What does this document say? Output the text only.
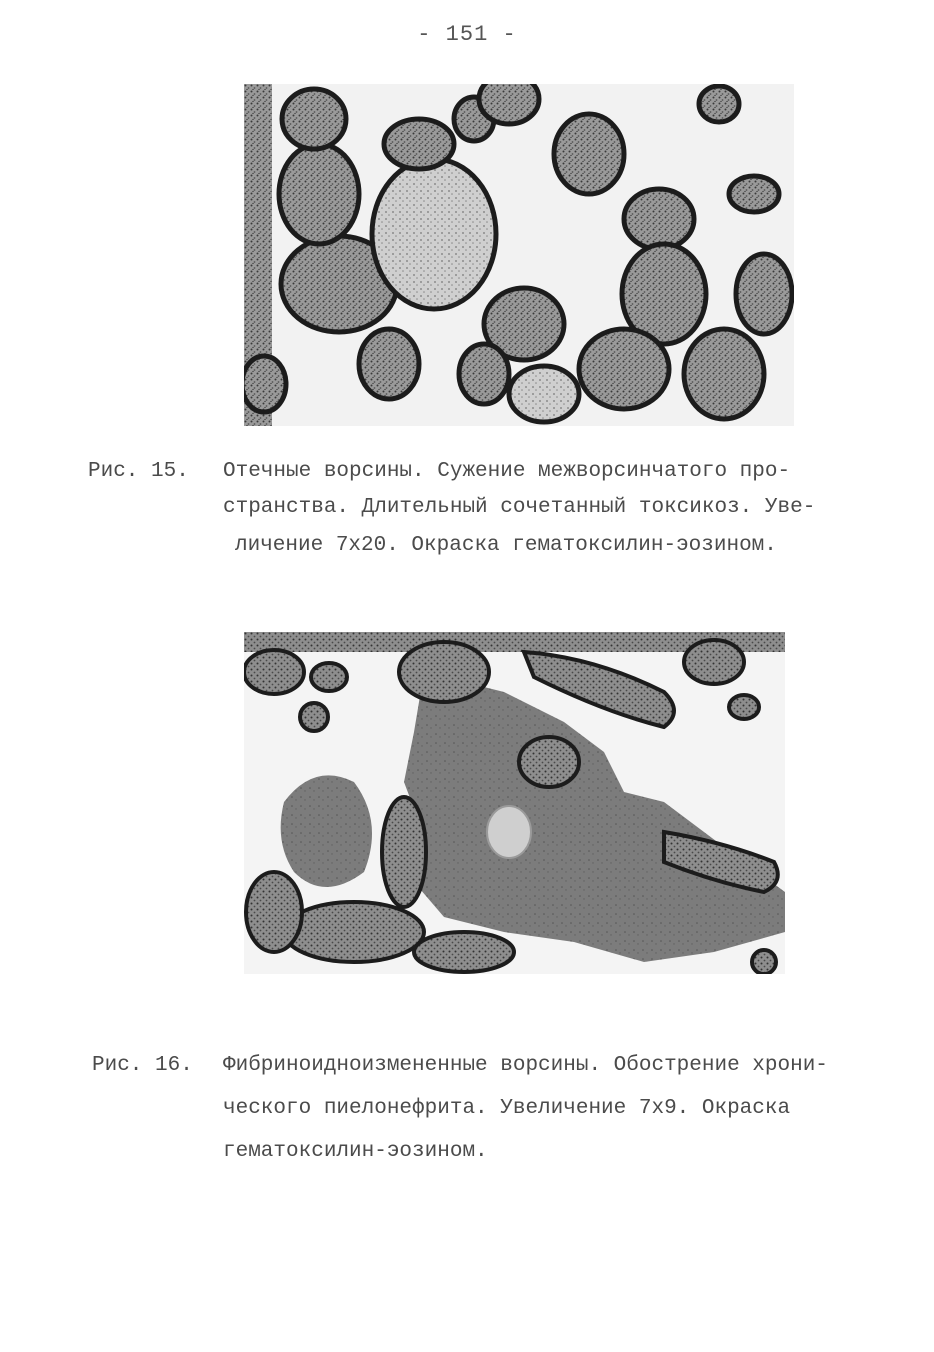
- 151 -
Рис. 15. Отечные ворсины. Сужение межворсинчатого про-
странства. Длительный сочетанный токсикоз. Уве-
личение 7х20. Окраска гематоксилин-эозином.
Рис. 16. Фибриноидноизмененные ворсины. Обострение хрони-
ческого пиелонефрита. Увеличение 7х9. Окраска
гематоксилин-эозином.
